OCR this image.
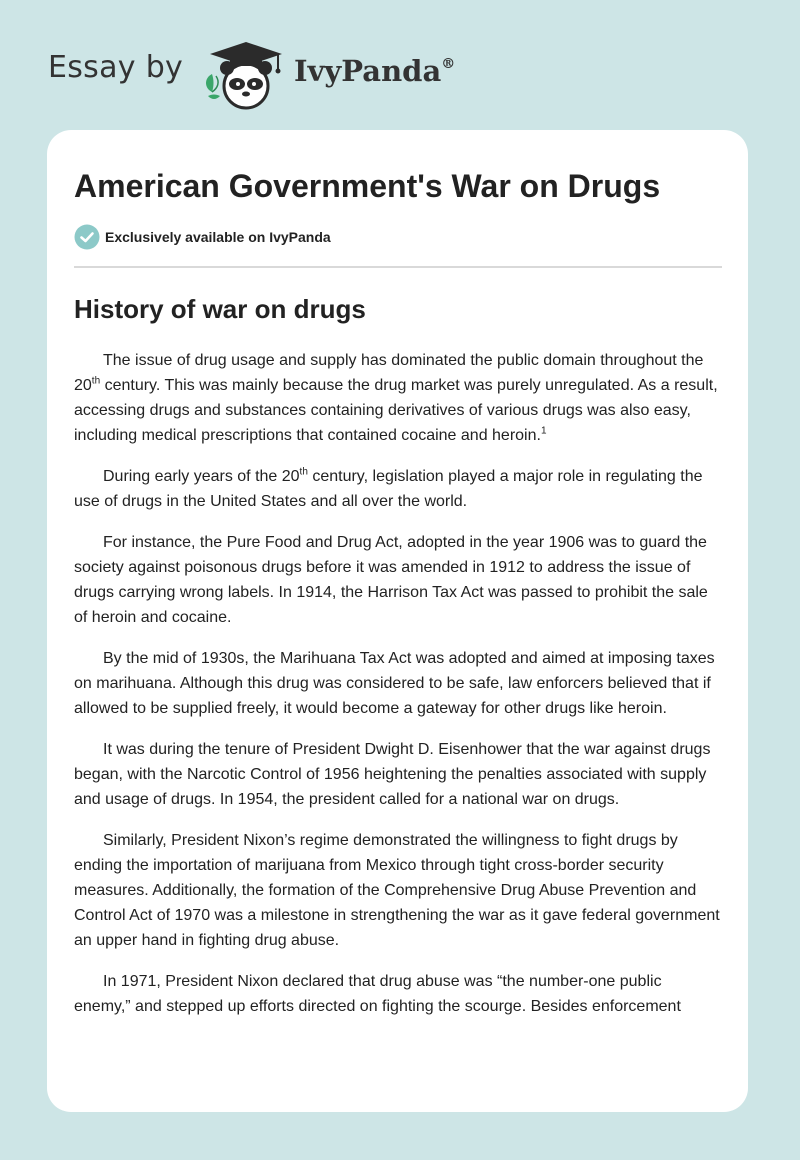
Essay by	IvyPanda®
American Government's War on Drugs
Exclusively available on IvyPanda
History of war on drugs

The issue of drug usage and supply has dominated the public domain throughout the 20th century. This was mainly because the drug market was purely unregulated. As a result, accessing drugs and substances containing derivatives of various drugs was also easy, including medical prescriptions that contained cocaine and heroin.$^1$

During early years of the 20th century, legislation played a major role in regulating the use of drugs in the United States and all over the world.

For instance, the Pure Food and Drug Act, adopted in the year 1906 was to guard the society against poisonous drugs before it was amended in 1912 to address the issue of drugs carrying wrong labels. In 1914, the Harrison Tax Act was passed to prohibit the sale of heroin and cocaine.

By the mid of 1930s, the Marihuana Tax Act was adopted and aimed at imposing taxes on marihuana. Although this drug was considered to be safe, law enforcers believed that if allowed to be supplied freely, it would become a gateway for other drugs like heroin.

It was during the tenure of President Dwight D. Eisenhower that the war against drugs began, with the Narcotic Control of 1956 heightening the penalties associated with supply and usage of drugs. In 1954, the president called for a national war on drugs.

Similarly, President Nixon’s regime demonstrated the willingness to fight drugs by ending the importation of marijuana from Mexico through tight cross-border security measures. Additionally, the formation of the Comprehensive Drug Abuse Prevention and Control Act of 1970 was a milestone in strengthening the war as it gave federal government an upper hand in fighting drug abuse.

In 1971, President Nixon declared that drug abuse was “the number-one public enemy,” and stepped up efforts directed on fighting the scourge. Besides enforcement
